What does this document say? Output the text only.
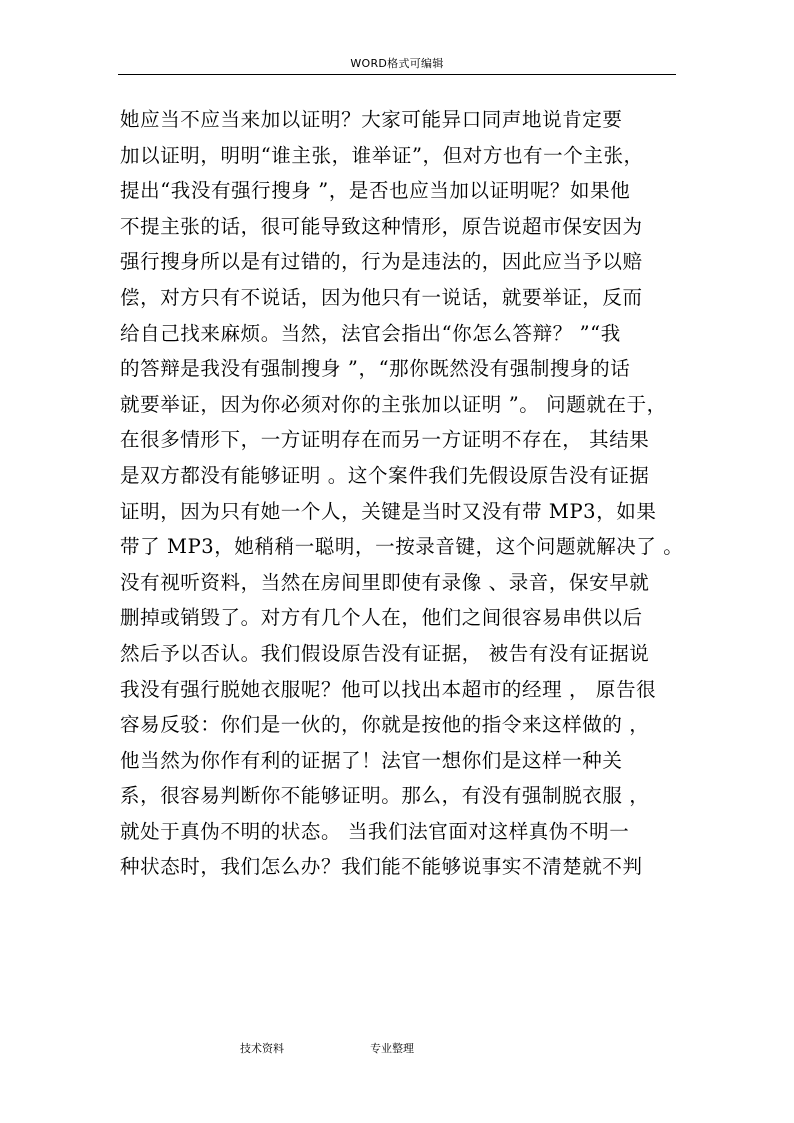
WORD格式可编辑
她应当不应当来加以证明？大家可能异口同声地说肯定要
加以证明，明明“谁主张，谁举证”，但对方也有一个主张，
提出“我没有强行搜身 ”，是否也应当加以证明呢？如果他
不提主张的话，很可能导致这种情形，原告说超市保安因为
强行搜身所以是有过错的，行为是违法的，因此应当予以赔
偿，对方只有不说话，因为他只有一说话，就要举证，反而
给自己找来麻烦。当然，法官会指出“你怎么答辩？ ”“我
的答辩是我没有强制搜身 ”，“那你既然没有强制搜身的话
就要举证，因为你必须对你的主张加以证明 ”。 问题就在于，
在很多情形下，一方证明存在而另一方证明不存在， 其结果
是双方都没有能够证明 。这个案件我们先假设原告没有证据
证明，因为只有她一个人，关键是当时又没有带 MP3，如果
带了 MP3，她稍稍一聪明，一按录音键，这个问题就解决了 。
没有视听资料，当然在房间里即使有录像 、录音，保安早就
删掉或销毁了。对方有几个人在，他们之间很容易串供以后
然后予以否认。我们假设原告没有证据， 被告有没有证据说
我没有强行脱她衣服呢？他可以找出本超市的经理 ， 原告很
容易反驳：你们是一伙的，你就是按他的指令来这样做的 ，
他当然为你作有利的证据了！法官一想你们是这样一种关
系，很容易判断你不能够证明。那么，有没有强制脱衣服 ，
就处于真伪不明的状态。 当我们法官面对这样真伪不明一
种状态时，我们怎么办？我们能不能够说事实不清楚就不判
技术资料	专业整理
